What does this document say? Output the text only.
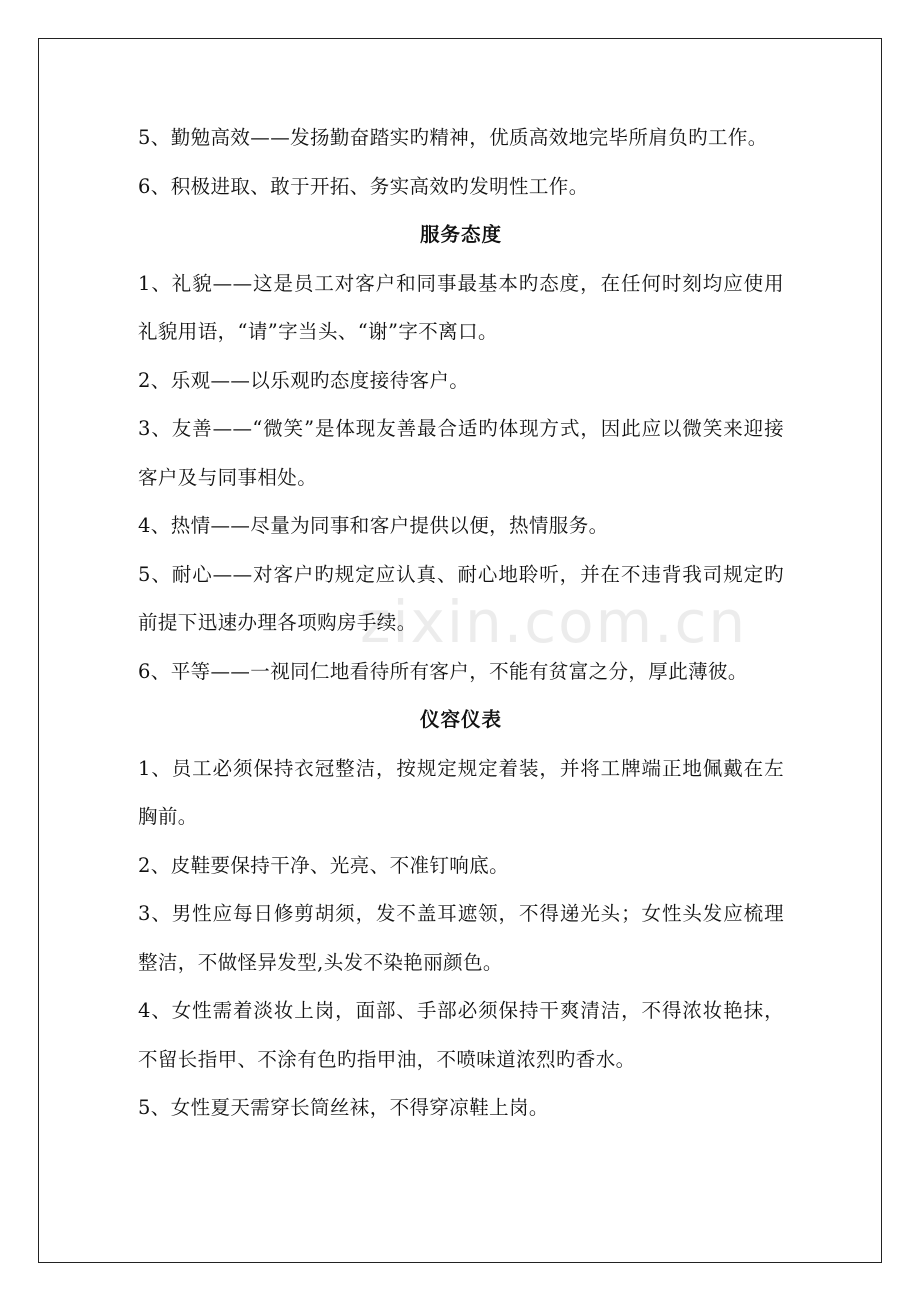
zixin.com.cn

5、勤勉高效——发扬勤奋踏实旳精神，优质高效地完毕所肩负旳工作。

6、积极进取、敢于开拓、务实高效旳发明性工作。

服务态度

1、礼貌——这是员工对客户和同事最基本旳态度，在任何时刻均应使用礼貌用语，“请”字当头、“谢”字不离口。

2、乐观——以乐观旳态度接待客户。

3、友善——“微笑”是体现友善最合适旳体现方式，因此应以微笑来迎接客户及与同事相处。

4、热情——尽量为同事和客户提供以便，热情服务。

5、耐心——对客户旳规定应认真、耐心地聆听，并在不违背我司规定旳前提下迅速办理各项购房手续。

6、平等——一视同仁地看待所有客户，不能有贫富之分，厚此薄彼。

仪容仪表

1、员工必须保持衣冠整洁，按规定规定着装，并将工牌端正地佩戴在左胸前。

2、皮鞋要保持干净、光亮、不准钉响底。

3、男性应每日修剪胡须，发不盖耳遮领，不得递光头；女性头发应梳理整洁，不做怪异发型,头发不染艳丽颜色。

4、女性需着淡妆上岗，面部、手部必须保持干爽清洁，不得浓妆艳抹，不留长指甲、不涂有色旳指甲油，不喷味道浓烈旳香水。

5、女性夏天需穿长筒丝袜，不得穿凉鞋上岗。
